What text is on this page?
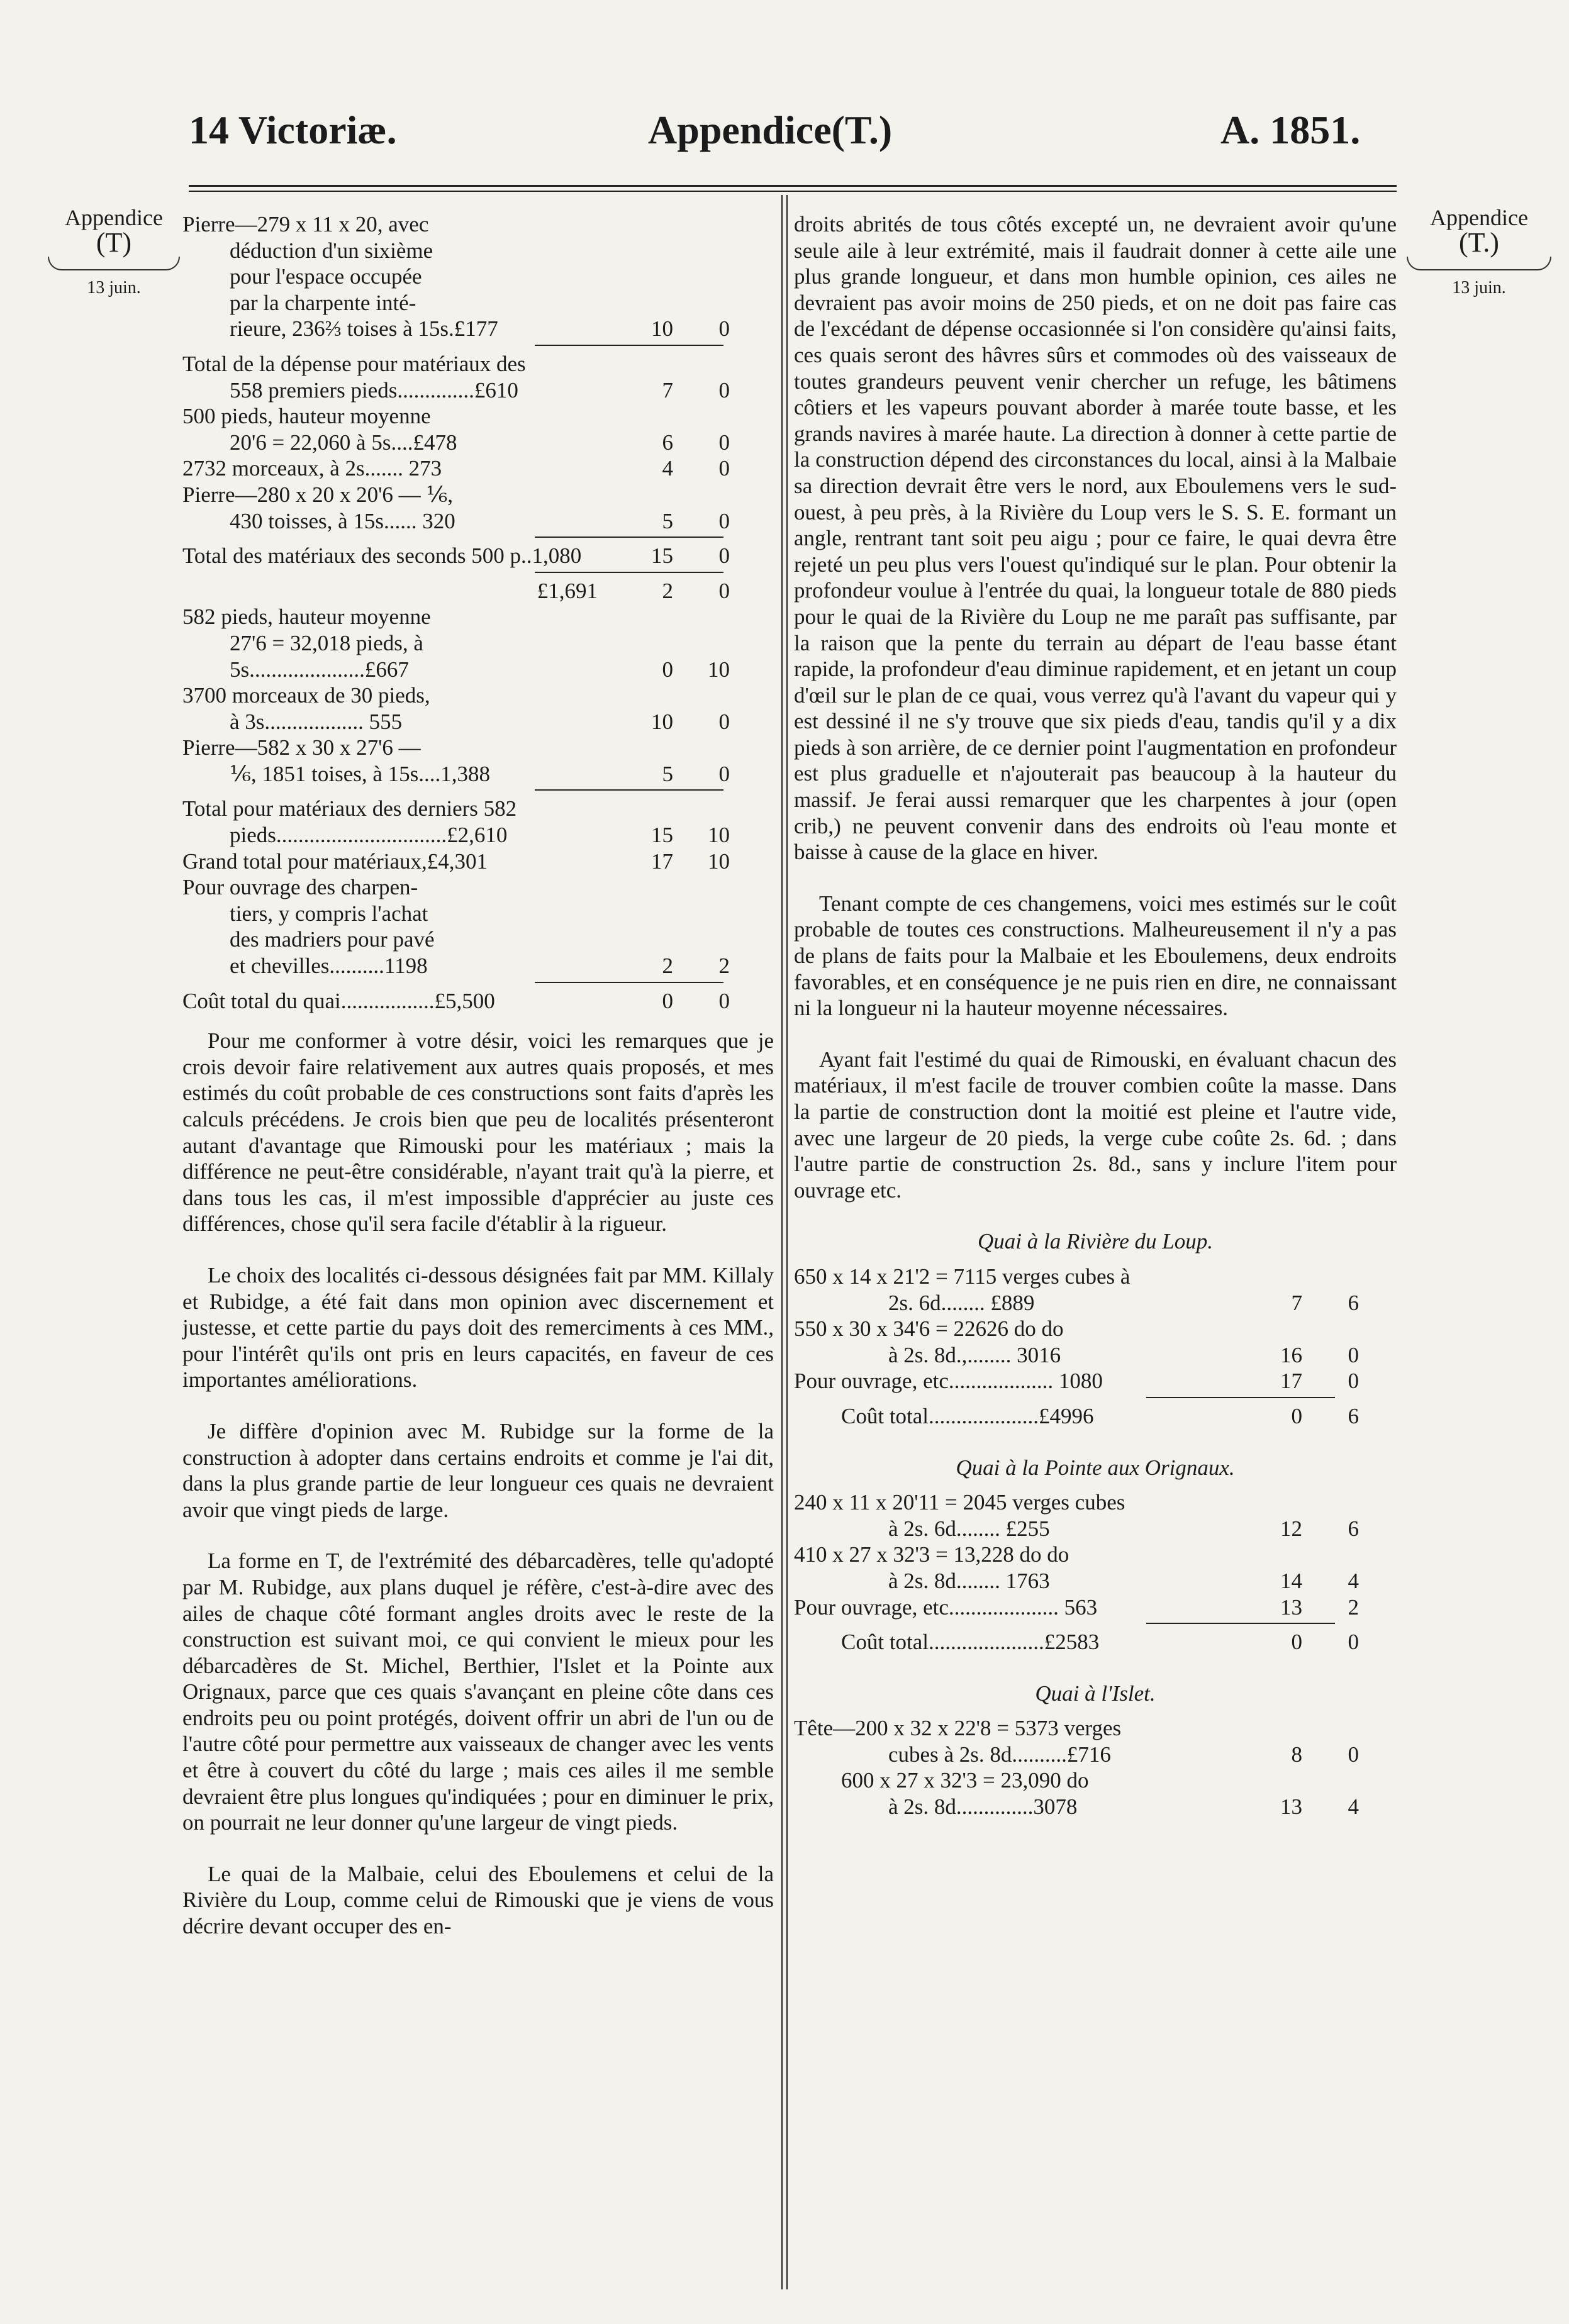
14 Victoriæ.	Appendice(T.)	A. 1851.
Appendice
(T)
13 juin.
Appendice
(T.)
13 juin.
Pierre—279 x 11 x 20, avec
déduction d'un sixième
pour l'espace occupée
par la charpente inté-
rieure, 236⅔ toises à 15s.£177	10	0
Total de la dépense pour matériaux des
558 premiers pieds..............£610	7	0
500 pieds, hauteur moyenne
20'6 = 22,060 à 5s....£478	6	0
2732 morceaux, à 2s....... 273	4	0
Pierre—280 x 20 x 20'6 — ⅙,
430 toisses, à 15s...... 320	5	0
Total des matériaux des seconds 500 p..1,080	15	0
£1,691	2	0
582 pieds, hauteur moyenne
27'6 = 32,018 pieds, à
5s.....................£667	0	10
3700 morceaux de 30 pieds,
à 3s.................. 555	10	0
Pierre—582 x 30 x 27'6 —
⅙, 1851 toises, à 15s....1,388	5	0
Total pour matériaux des derniers 582
pieds...............................£2,610	15	10
Grand total pour matériaux,£4,301	17	10
Pour ouvrage des charpen-
tiers, y compris l'achat
des madriers pour pavé
et chevilles..........1198	2	2
Coût total du quai.................£5,500	0	0
Pour me conformer à votre désir, voici les remarques que je crois devoir faire relativement aux autres quais proposés, et mes estimés du coût probable de ces constructions sont faits d'après les calculs précédens. Je crois bien que peu de localités présenteront autant d'avantage que Rimouski pour les matériaux ; mais la différence ne peut-être considérable, n'ayant trait qu'à la pierre, et dans tous les cas, il m'est impossible d'apprécier au juste ces différences, chose qu'il sera facile d'établir à la rigueur.
Le choix des localités ci-dessous désignées fait par MM. Killaly et Rubidge, a été fait dans mon opinion avec discernement et justesse, et cette partie du pays doit des remerciments à ces MM., pour l'intérêt qu'ils ont pris en leurs capacités, en faveur de ces importantes améliorations.
Je diffère d'opinion avec M. Rubidge sur la forme de la construction à adopter dans certains endroits et comme je l'ai dit, dans la plus grande partie de leur longueur ces quais ne devraient avoir que vingt pieds de large.
La forme en T, de l'extrémité des débarcadères, telle qu'adopté par M. Rubidge, aux plans duquel je réfère, c'est-à-dire avec des ailes de chaque côté formant angles droits avec le reste de la construction est suivant moi, ce qui convient le mieux pour les débarcadères de St. Michel, Berthier, l'Islet et la Pointe aux Orignaux, parce que ces quais s'avançant en pleine côte dans ces endroits peu ou point protégés, doivent offrir un abri de l'un ou de l'autre côté pour permettre aux vaisseaux de changer avec les vents et être à couvert du côté du large ; mais ces ailes il me semble devraient être plus longues qu'indiquées ; pour en diminuer le prix, on pourrait ne leur donner qu'une largeur de vingt pieds.
Le quai de la Malbaie, celui des Eboulemens et celui de la Rivière du Loup, comme celui de Rimouski que je viens de vous décrire devant occuper des en-
droits abrités de tous côtés excepté un, ne devraient avoir qu'une seule aile à leur extrémité, mais il faudrait donner à cette aile une plus grande longueur, et dans mon humble opinion, ces ailes ne devraient pas avoir moins de 250 pieds, et on ne doit pas faire cas de l'excédant de dépense occasionnée si l'on considère qu'ainsi faits, ces quais seront des hâvres sûrs et commodes où des vaisseaux de toutes grandeurs peuvent venir chercher un refuge, les bâtimens côtiers et les vapeurs pouvant aborder à marée toute basse, et les grands navires à marée haute. La direction à donner à cette partie de la construction dépend des circonstances du local, ainsi à la Malbaie sa direction devrait être vers le nord, aux Eboulemens vers le sud-ouest, à peu près, à la Rivière du Loup vers le S. S. E. formant un angle, rentrant tant soit peu aigu ; pour ce faire, le quai devra être rejeté un peu plus vers l'ouest qu'indiqué sur le plan. Pour obtenir la profondeur voulue à l'entrée du quai, la longueur totale de 880 pieds pour le quai de la Rivière du Loup ne me paraît pas suffisante, par la raison que la pente du terrain au départ de l'eau basse étant rapide, la profondeur d'eau diminue rapidement, et en jetant un coup d'œil sur le plan de ce quai, vous verrez qu'à l'avant du vapeur qui y est dessiné il ne s'y trouve que six pieds d'eau, tandis qu'il y a dix pieds à son arrière, de ce dernier point l'augmentation en profondeur est plus graduelle et n'ajouterait pas beaucoup à la hauteur du massif. Je ferai aussi remarquer que les charpentes à jour (open crib,) ne peuvent convenir dans des endroits où l'eau monte et baisse à cause de la glace en hiver.
Tenant compte de ces changemens, voici mes estimés sur le coût probable de toutes ces constructions. Malheureusement il n'y a pas de plans de faits pour la Malbaie et les Eboulemens, deux endroits favorables, et en conséquence je ne puis rien en dire, ne connaissant ni la longueur ni la hauteur moyenne nécessaires.
Ayant fait l'estimé du quai de Rimouski, en évaluant chacun des matériaux, il m'est facile de trouver combien coûte la masse. Dans la partie de construction dont la moitié est pleine et l'autre vide, avec une largeur de 20 pieds, la verge cube coûte 2s. 6d. ; dans l'autre partie de construction 2s. 8d., sans y inclure l'item pour ouvrage etc.
Quai à la Rivière du Loup.
650 x 14 x 21'2 = 7115 verges cubes à
2s. 6d........ £889	7	6
550 x 30 x 34'6 = 22626 do do
à 2s. 8d.,........ 3016	16	0
Pour ouvrage, etc................... 1080	17	0
Coût total....................£4996	0	6
Quai à la Pointe aux Orignaux.
240 x 11 x 20'11 = 2045 verges cubes
à 2s. 6d........ £255	12	6
410 x 27 x 32'3 = 13,228 do do
à 2s. 8d........ 1763	14	4
Pour ouvrage, etc.................... 563	13	2
Coût total.....................£2583	0	0
Quai à l'Islet.
Tête—200 x 32 x 22'8 = 5373 verges
cubes à 2s. 8d..........£716	8	0
600 x 27 x 32'3 = 23,090 do
à 2s. 8d..............3078	13	4
